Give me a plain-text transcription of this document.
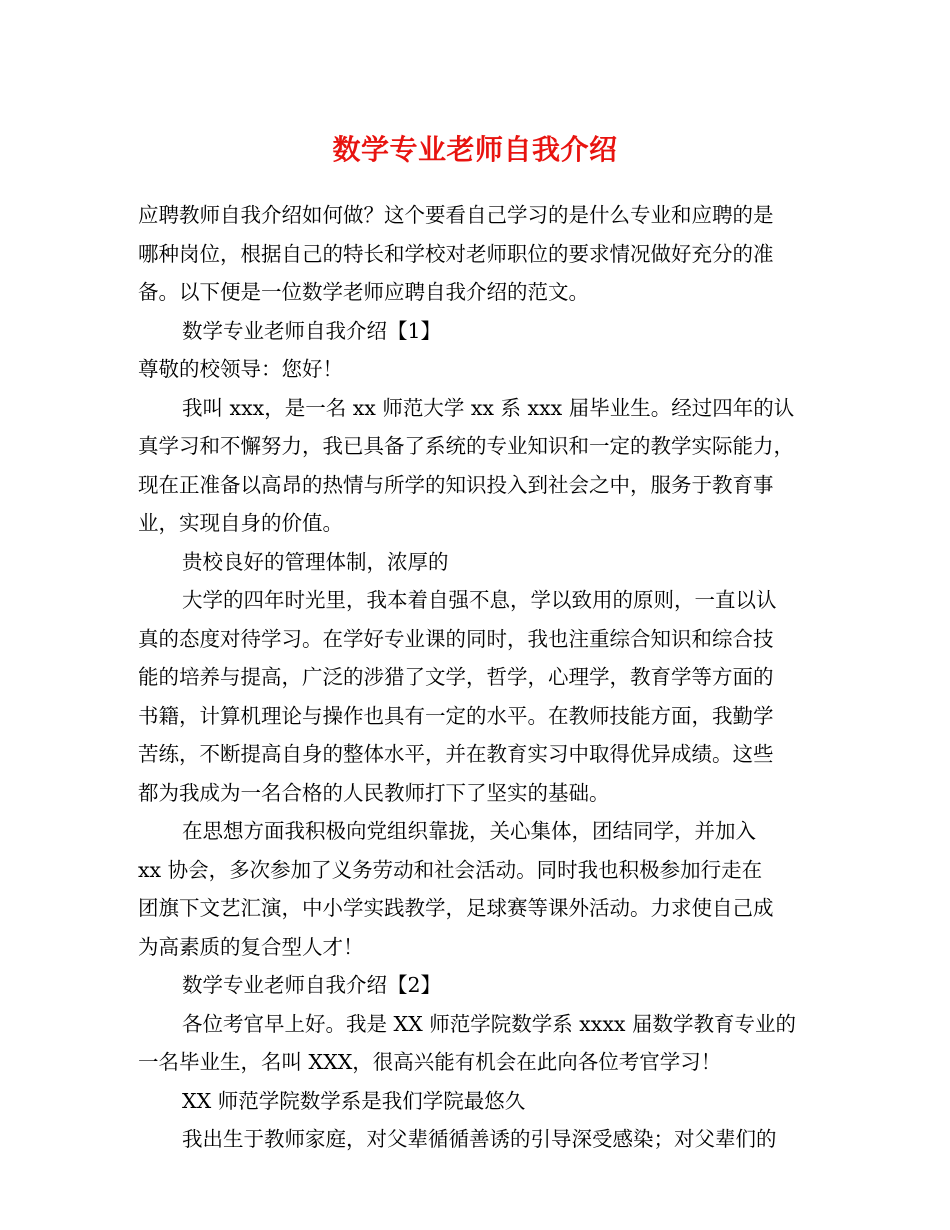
数学专业老师自我介绍
应聘教师自我介绍如何做？这个要看自己学习的是什么专业和应聘的是
哪种岗位，根据自己的特长和学校对老师职位的要求情况做好充分的准
备。以下便是一位数学老师应聘自我介绍的范文。
数学专业老师自我介绍【1】
尊敬的校领导：您好！
我叫 xxx，是一名 xx 师范大学 xx 系 xxx 届毕业生。经过四年的认
真学习和不懈努力，我已具备了系统的专业知识和一定的教学实际能力，
现在正准备以高昂的热情与所学的知识投入到社会之中，服务于教育事
业，实现自身的价值。
贵校良好的管理体制，浓厚的
大学的四年时光里，我本着自强不息，学以致用的原则，一直以认
真的态度对待学习。在学好专业课的同时，我也注重综合知识和综合技
能的培养与提高，广泛的涉猎了文学，哲学，心理学，教育学等方面的
书籍，计算机理论与操作也具有一定的水平。在教师技能方面，我勤学
苦练，不断提高自身的整体水平，并在教育实习中取得优异成绩。这些
都为我成为一名合格的人民教师打下了坚实的基础。
在思想方面我积极向党组织靠拢，关心集体，团结同学，并加入
xx 协会，多次参加了义务劳动和社会活动。同时我也积极参加行走在
团旗下文艺汇演，中小学实践教学，足球赛等课外活动。力求使自己成
为高素质的复合型人才！
数学专业老师自我介绍【2】
各位考官早上好。我是 XX 师范学院数学系 xxxx 届数学教育专业的
一名毕业生，名叫 XXX，很高兴能有机会在此向各位考官学习！
XX 师范学院数学系是我们学院最悠久
我出生于教师家庭，对父辈循循善诱的引导深受感染；对父辈们的
